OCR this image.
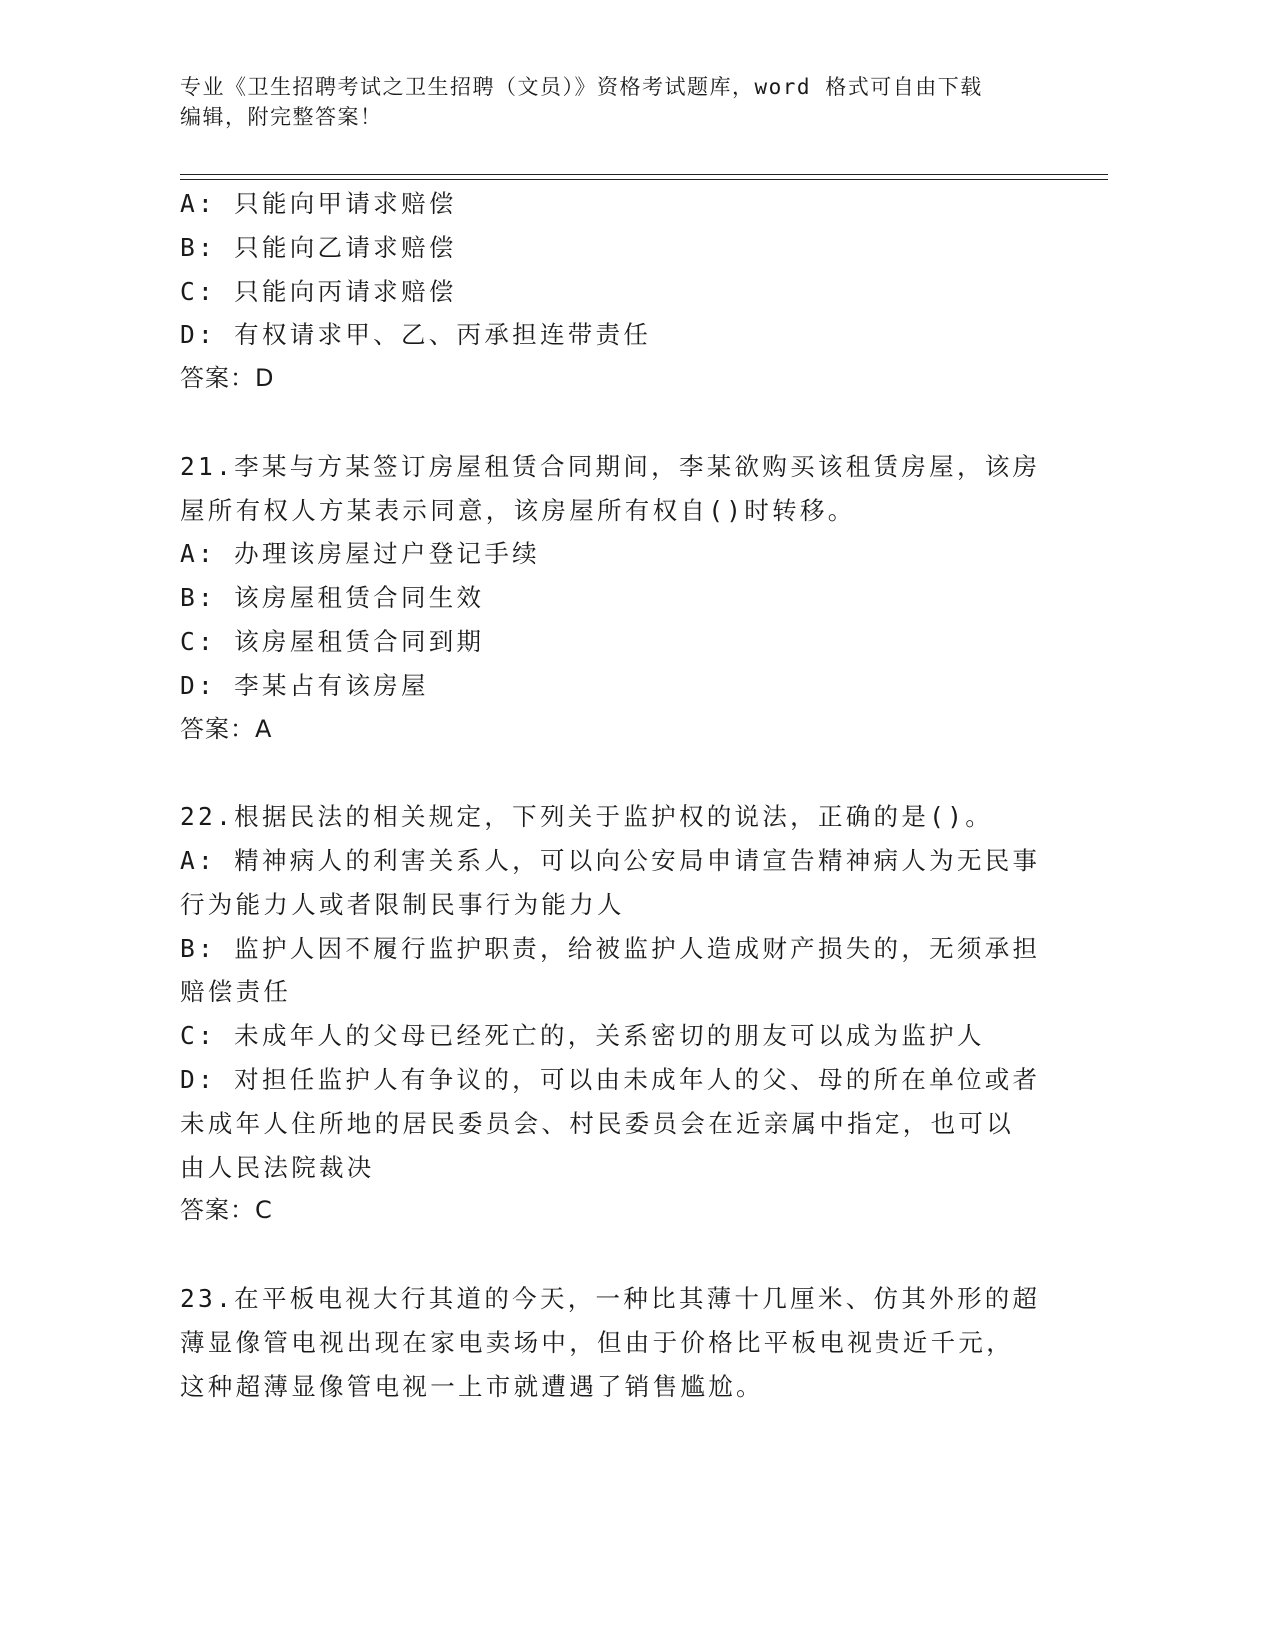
专业《卫生招聘考试之卫生招聘（文员）》资格考试题库，word 格式可自由下载
编辑，附完整答案！
A: 只能向甲请求赔偿
B: 只能向乙请求赔偿
C: 只能向丙请求赔偿
D: 有权请求甲、乙、丙承担连带责任
答案：D
21.李某与方某签订房屋租赁合同期间，李某欲购买该租赁房屋，该房
屋所有权人方某表示同意，该房屋所有权自()时转移。
A: 办理该房屋过户登记手续
B: 该房屋租赁合同生效
C: 该房屋租赁合同到期
D: 李某占有该房屋
答案：A
22.根据民法的相关规定，下列关于监护权的说法，正确的是()。
A: 精神病人的利害关系人，可以向公安局申请宣告精神病人为无民事
行为能力人或者限制民事行为能力人
B: 监护人因不履行监护职责，给被监护人造成财产损失的，无须承担
赔偿责任
C: 未成年人的父母已经死亡的，关系密切的朋友可以成为监护人
D: 对担任监护人有争议的，可以由未成年人的父、母的所在单位或者
未成年人住所地的居民委员会、村民委员会在近亲属中指定，也可以
由人民法院裁决
答案：C
23.在平板电视大行其道的今天，一种比其薄十几厘米、仿其外形的超
薄显像管电视出现在家电卖场中，但由于价格比平板电视贵近千元，
这种超薄显像管电视一上市就遭遇了销售尴尬。
